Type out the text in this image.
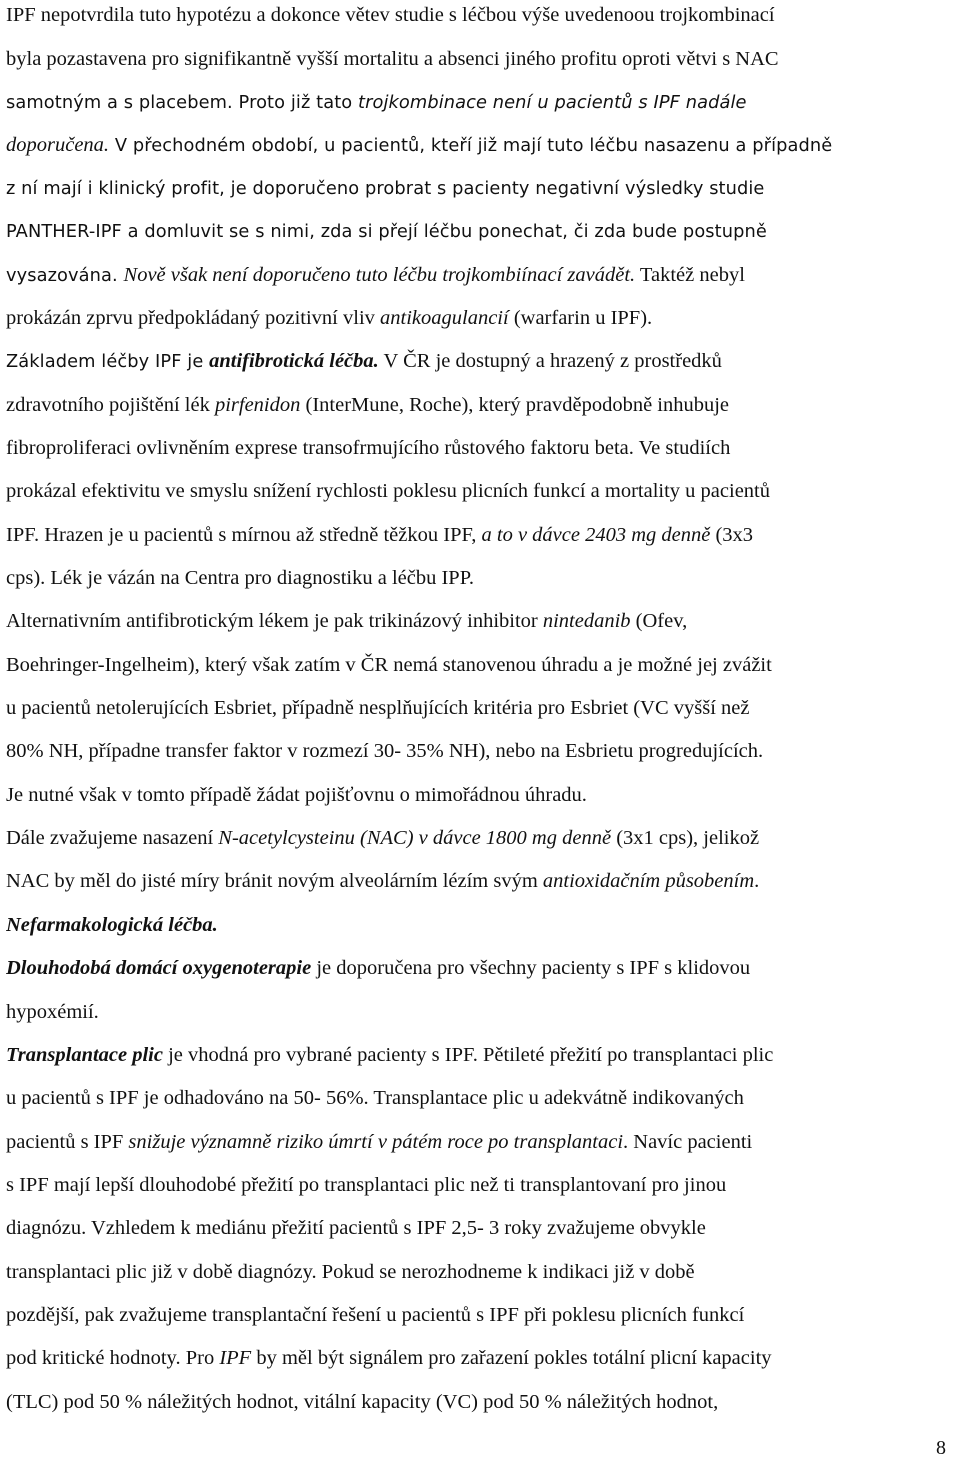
IPF nepotvrdila tuto hypotézu a dokonce větev studie s léčbou výše uvedenoou trojkombinací
byla pozastavena pro signifikantně vyšší mortalitu a absenci jiného profitu oproti větvi s NAC
samotným a s placebem. Proto již tato trojkombinace není u pacientů s IPF nadále
doporučena. V přechodném období, u pacientů, kteří již mají tuto léčbu nasazenu a případně
z ní mají i klinický profit, je doporučeno probrat s pacienty negativní výsledky studie
PANTHER-IPF a domluvit se s nimi, zda si přejí léčbu ponechat, či zda bude postupně
vysazována. Nově však není doporučeno tuto léčbu trojkombiínací zavádět. Taktéž nebyl
prokázán zprvu předpokládaný pozitivní vliv antikoagulancií (warfarin u IPF).
Základem léčby IPF je antifibrotická léčba. V ČR je dostupný a hrazený z prostředků
zdravotního pojištění lék pirfenidon (InterMune, Roche), který pravděpodobně inhubuje
fibroproliferaci ovlivněním exprese transofrmujícího růstového faktoru beta. Ve studiích
prokázal efektivitu ve smyslu snížení rychlosti poklesu plicních funkcí a mortality u pacientů
IPF. Hrazen je u pacientů s mírnou až středně těžkou IPF, a to v dávce 2403 mg denně (3x3
cps). Lék je vázán na Centra pro diagnostiku a léčbu IPP.
Alternativním antifibrotickým lékem je pak trikinázový inhibitor nintedanib (Ofev,
Boehringer-Ingelheim), který však zatím v ČR nemá stanovenou úhradu a je možné jej zvážit
u pacientů netolerujících Esbriet, případně nesplňujících kritéria pro Esbriet (VC vyšší než
80% NH, případne transfer faktor v rozmezí 30- 35% NH), nebo na Esbrietu progredujících.
Je nutné však v tomto případě žádat pojišťovnu o mimořádnou úhradu.
Dále zvažujeme nasazení N-acetylcysteinu (NAC) v dávce 1800 mg denně (3x1 cps), jelikož
NAC by měl do jisté míry bránit novým alveolárním lézím svým antioxidačním působením.
Nefarmakologická léčba.
Dlouhodobá domácí oxygenoterapie je doporučena pro všechny pacienty s IPF s klidovou
hypoxémií.
Transplantace plic je vhodná pro vybrané pacienty s IPF. Pětileté přežití po transplantaci plic
u pacientů s IPF je odhadováno na 50- 56%. Transplantace plic u adekvátně indikovaných
pacientů s IPF snižuje významně riziko úmrtí v pátém roce po transplantaci. Navíc pacienti
s IPF mají lepší dlouhodobé přežití po transplantaci plic než ti transplantovaní pro jinou
diagnózu. Vzhledem k mediánu přežití pacientů s IPF 2,5- 3 roky zvažujeme obvykle
transplantaci plic již v době diagnózy. Pokud se nerozhodneme k indikaci již v době
pozdější, pak zvažujeme transplantační řešení u pacientů s IPF při poklesu plicních funkcí
pod kritické hodnoty. Pro IPF by měl být signálem pro zařazení pokles totální plicní kapacity
(TLC) pod 50 % náležitých hodnot, vitální kapacity (VC) pod 50 % náležitých hodnot,
8
